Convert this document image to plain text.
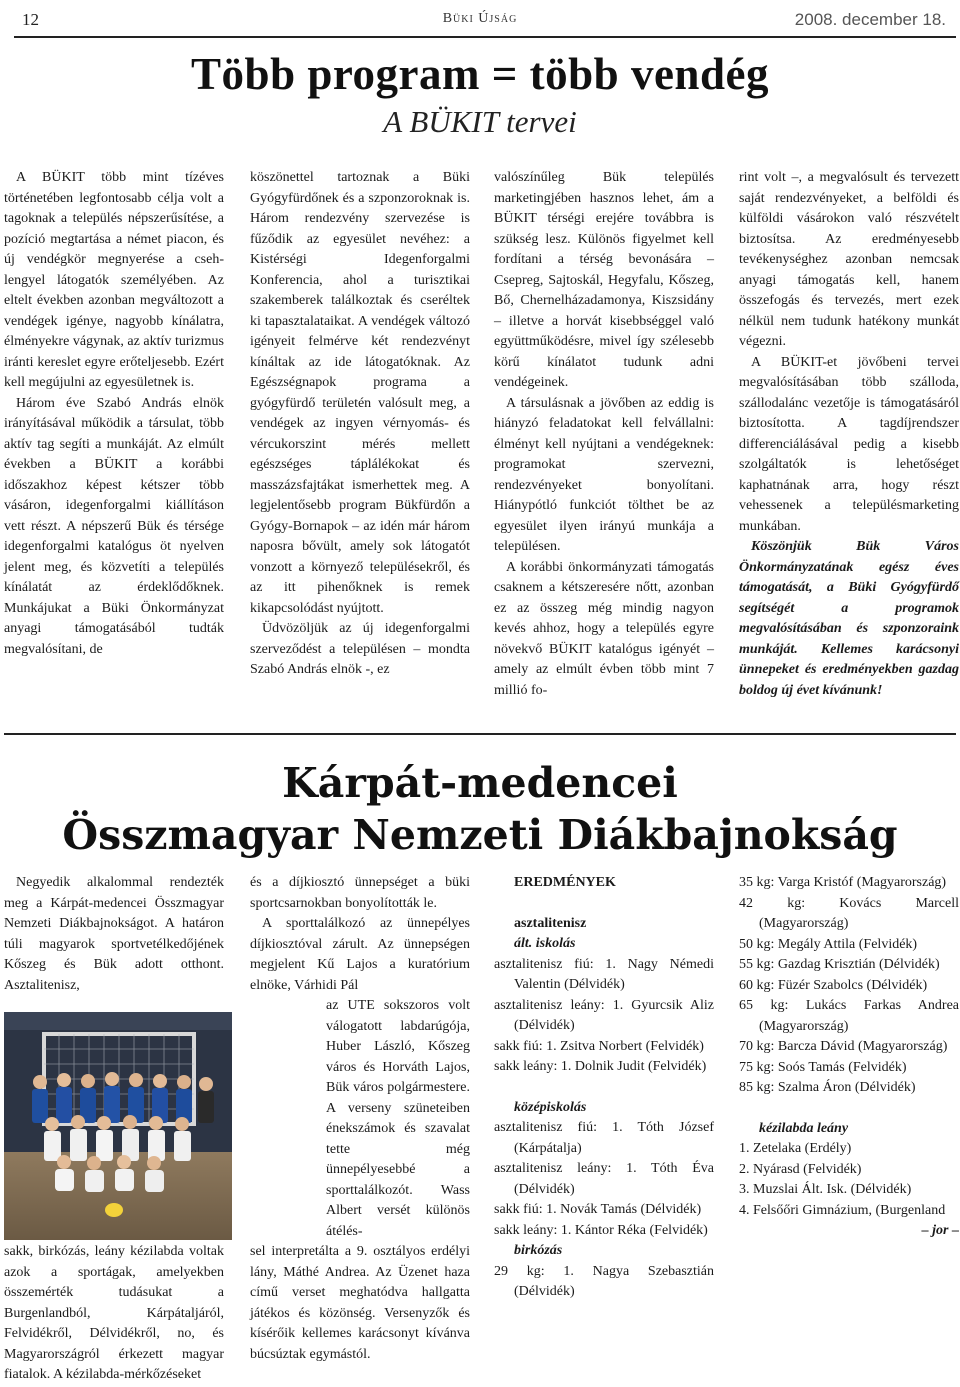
12	Büki Újság	2008. december 18.
Több program = több vendég
A BÜKIT tervei

A BÜKIT több mint tízéves történetében legfontosabb célja volt a tagoknak a település népszerűsítése, a pozíció megtartása a német piacon, és új vendégkör megnyerése a cseh-lengyel látogatók személyében. Az eltelt években azonban megváltozott a vendégek igénye, nagyobb kínálatra, élményekre vágynak, az aktív turizmus iránti kereslet egyre erőteljesebb. Ezért kell megújulni az egyesületnek is.

Három éve Szabó András elnök irányításával működik a társulat, több aktív tag segíti a munkáját. Az elmúlt években a BÜKIT a korábbi időszakhoz képest kétszer több vásáron, idegenforgalmi kiállításon vett részt. A népszerű Bük és térsége idegenforgalmi katalógus öt nyelven jelent meg, és közvetíti a település kínálatát az érdeklődőknek. Munkájukat a Büki Önkormányzat anyagi támogatásából tudták megvalósítani, de

köszönettel tartoznak a Büki Gyógyfürdőnek és a szponzoroknak is. Három rendezvény szervezése is fűződik az egyesület nevéhez: a Kistérségi Idegenforgalmi Konferencia, ahol a turisztikai szakemberek találkoztak és cseréltek ki tapasztalataikat. A vendégek változó igényeit felmérve két rendezvényt kínáltak az ide látogatóknak. Az Egészségnapok programa a gyógyfürdő területén valósult meg, a vendégek az ingyen vérnyomás- és vércukorszint mérés mellett egészséges táplálékokat és masszázsfajtákat ismerhettek meg. A legjelentősebb program Bükfürdőn a Gyógy-Bornapok – az idén már három naposra bővült, amely sok látogatót vonzott a környező településekről, és az itt pihenőknek is remek kikapcsolódást nyújtott.

Üdvözöljük az új idegenforgalmi szerveződést a településen – mondta Szabó András elnök -, ez

valószínűleg Bük település marketingjében hasznos lehet, ám a BÜKIT térségi erejére továbbra is szükség lesz. Különös figyelmet kell fordítani a térség bevonására – Csepreg, Sajtoskál, Hegyfalu, Kőszeg, Bő, Chernelházadamonya, Kiszsidány – illetve a horvát kisebbséggel való együttműködésre, mivel így szélesebb körű kínálatot tudunk adni vendégeinek.

A társulásnak a jövőben az eddig is hiányzó feladatokat kell felvállalni: élményt kell nyújtani a vendégeknek: programokat szervezni, rendezvényeket bonyolítani. Hiánypótló funkciót tölthet be az egyesület ilyen irányú munkája a településen.

A korábbi önkormányzati támogatás csaknem a kétszeresére nőtt, azonban ez az összeg még mindig nagyon kevés ahhoz, hogy a település egyre növekvő BÜKIT katalógus igényét – amely az elmúlt évben több mint 7 millió fo-

rint volt –, a megvalósult és tervezett saját rendezvényeket, a belföldi és külföldi vásárokon való részvételt biztosítsa. Az eredményesebb tevékenységhez azonban nemcsak anyagi támogatás kell, hanem összefogás és tervezés, mert ezek nélkül nem tudunk hatékony munkát végezni.

A BÜKIT-et jövőbeni tervei megvalósításában több szálloda, szállodalánc vezetője is támogatásáról biztosította. A tagdíjrendszer differenciálásával pedig a kisebb szolgáltatók is lehetőséget kaphatnának arra, hogy részt vehessenek a településmarketing munkában.

Köszönjük Bük Város Önkormányzatának egész éves támogatását, a Büki Gyógyfürdő segítségét a programok megvalósításában és szponzoraink munkáját. Kellemes karácsonyi ünnepeket és eredményekben gazdag boldog új évet kívánunk!

Kárpát-medencei
Összmagyar Nemzeti Diákbajnokság

Negyedik alkalommal rendezték meg a Kárpát-medencei Összmagyar Nemzeti Diákbajnokságot. A határon túli magyarok sportvetélkedőjének Kőszeg és Bük adott otthont. Asztalitenisz,

sakk, birkózás, leány kézilabda voltak azok a sportágak, amelyekben összemérték tudásukat a Burgenlandból, Kárpátaljáról, Felvidékről, Délvidékről, no, és Magyarországról érkezett magyar fiatalok. A kézilabda-mérkőzéseket

és a díjkiosztó ünnepséget a büki sportcsarnokban bonyolították le.

A sporttalálkozó az ünnepélyes díjkiosztóval zárult. Az ünnepségen megjelent Kű Lajos a kuratórium elnöke, Várhidi Pál

az UTE sokszoros volt válogatott labdarúgója, Huber László, Kőszeg város és Horváth Lajos, Bük város polgármestere. A verseny szüneteiben énekszámok és szavalat tette még ünnepélyesebbé a sporttalálkozót. Wass Albert versét különös átélés-

sel interpretálta a 9. osztályos erdélyi lány, Máthé Andrea. Az Üzenet haza című verset meghatódva hallgatta játékos és közönség. Versenyzők és kísérőik kellemes karácsonyt kívánva búcsúztak egymástól.

EREDMÉNYEK

asztalitenisz

ált. iskolás

asztalitenisz fiú: 1. Nagy Némedi Valentin (Délvidék)

asztalitenisz leány: 1. Gyurcsik Aliz (Délvidék)

sakk fiú: 1. Zsitva Norbert (Felvidék)

sakk leány: 1. Dolnik Judit (Felvidék)

középiskolás

asztalitenisz fiú: 1. Tóth József (Kárpátalja)

asztalitenisz leány: 1. Tóth Éva (Délvidék)

sakk fiú: 1. Novák Tamás (Délvidék)

sakk leány: 1. Kántor Réka (Felvidék)

birkózás

29 kg: 1. Nagya Szebasztián (Délvidék)

35 kg: Varga Kristóf (Magyarország)

42 kg: Kovács Marcell (Magyarország)

50 kg: Megály Attila (Felvidék)

55 kg: Gazdag Krisztián (Délvidék)

60 kg: Füzér Szabolcs (Délvidék)

65 kg: Lukács Farkas Andrea (Magyarország)

70 kg: Barcza Dávid (Magyarország)

75 kg: Soós Tamás (Felvidék)

85 kg: Szalma Áron (Délvidék)

kézilabda leány

1. Zetelaka (Erdély)

2. Nyárasd (Felvidék)

3. Muzslai Ált. Isk. (Délvidék)

4. Felsőőri Gimnázium, (Burgenland

– jor –
